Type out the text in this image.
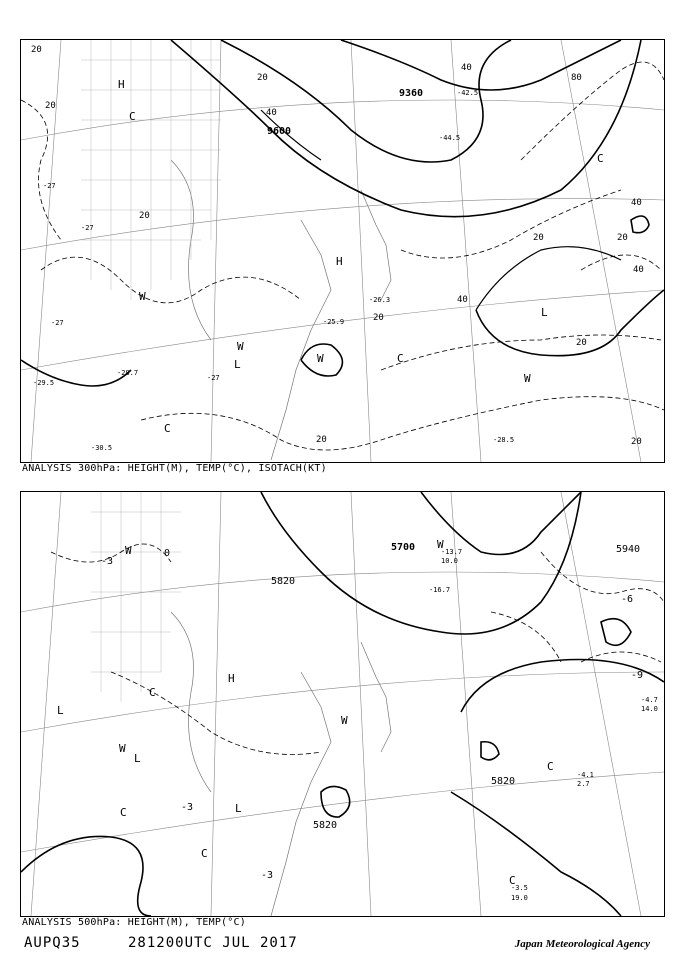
20
20
20
20
20
20	20
20
20	20
40
40
40
40
40
80
9360
9600
H
H
L
L
C
C
C
C
W
W
W
W
-27
-27
-27
-27
-29.5
-30.5
-28.7
-26.3
-25.9
-28.5
-42.5
-44.5
ANALYSIS 300hPa: HEIGHT(M), TEMP(°C), ISOTACH(KT)
5700
5820
5820
5820
5940
-3
-3
-3
-6
-9
0
H
L
L
L
C
C
C
C
C
W
W
W
W
-4.1
2.7
-3.5
19.0
-4.7
14.0
-13.7
10.0
-16.7
ANALYSIS 500hPa: HEIGHT(M), TEMP(°C)
AUPQ35	281200UTC JUL 2017	Japan Meteorological Agency
